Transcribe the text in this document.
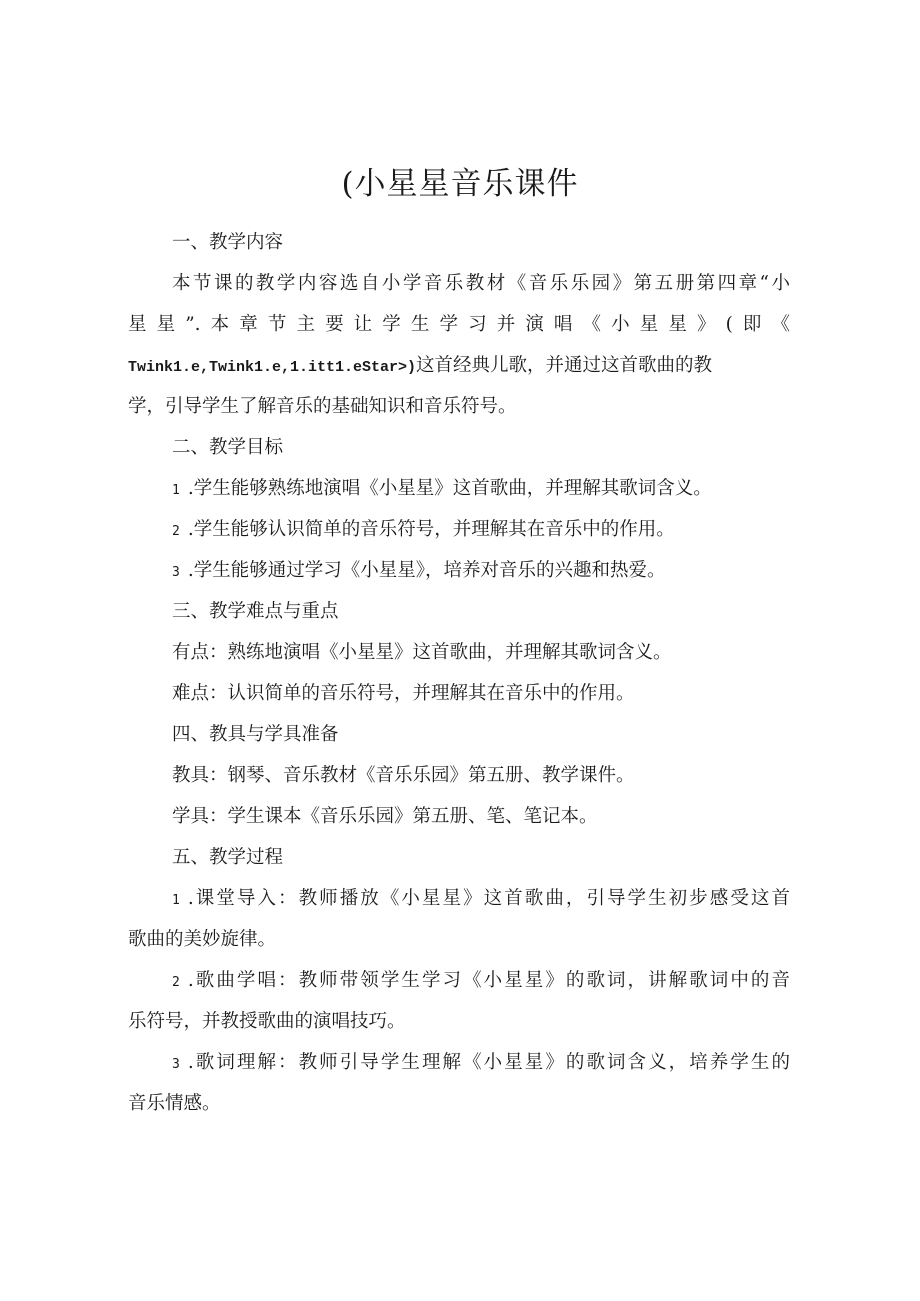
(小星星音乐课件
一、教学内容
本节课的教学内容选自小学音乐教材《音乐乐园》第五册第四章“小
星星”.本章节主要让学生学习并演唱《小星星》(即《
Twink1.e,Twink1.e,1.itt1.eStar>)这首经典儿歌，并通过这首歌曲的教
学，引导学生了解音乐的基础知识和音乐符号。
二、教学目标
1 .学生能够熟练地演唱《小星星》这首歌曲，并理解其歌词含义。
2 .学生能够认识简单的音乐符号，并理解其在音乐中的作用。
3 .学生能够通过学习《小星星》，培养对音乐的兴趣和热爱。
三、教学难点与重点
有点：熟练地演唱《小星星》这首歌曲，并理解其歌词含义。
难点：认识简单的音乐符号，并理解其在音乐中的作用。
四、教具与学具准备
教具：钢琴、音乐教材《音乐乐园》第五册、教学课件。
学具：学生课本《音乐乐园》第五册、笔、笔记本。
五、教学过程
1 .课堂导入：教师播放《小星星》这首歌曲，引导学生初步感受这首
歌曲的美妙旋律。
2 .歌曲学唱：教师带领学生学习《小星星》的歌词，讲解歌词中的音
乐符号，并教授歌曲的演唱技巧。
3 .歌词理解：教师引导学生理解《小星星》的歌词含义，培养学生的
音乐情感。
